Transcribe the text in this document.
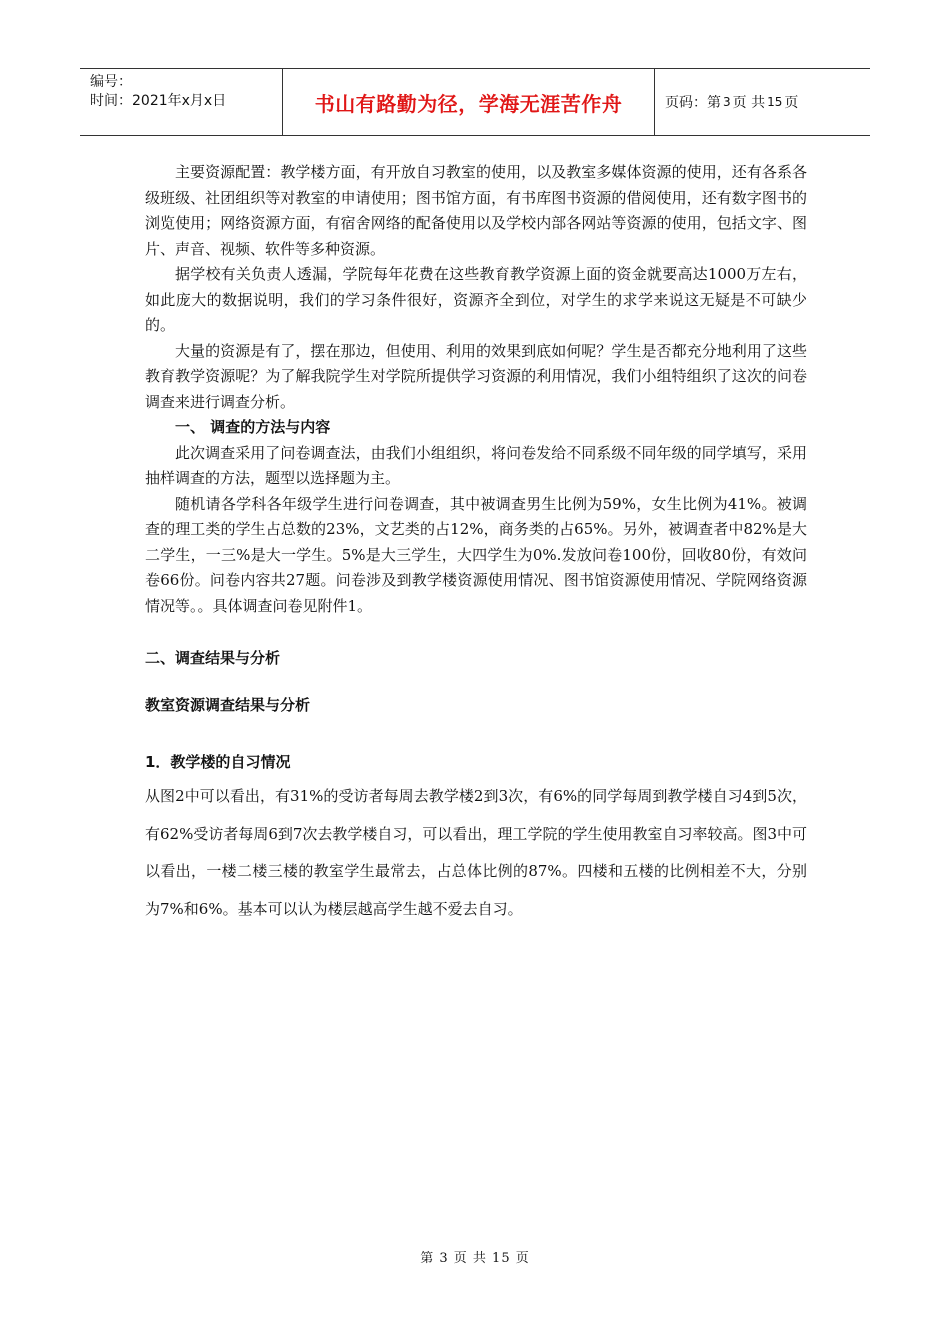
编号：
时间：2021年x月x日	书山有路勤为径，学海无涯苦作舟	页码：第 3 页 共 15 页

主要资源配置：教学楼方面，有开放自习教室的使用，以及教室多媒体资源的使用，还有各系各级班级、社团组织等对教室的申请使用；图书馆方面，有书库图书资源的借阅使用，还有数字图书的浏览使用；网络资源方面，有宿舍网络的配备使用以及学校内部各网站等资源的使用，包括文字、图片、声音、视频、软件等多种资源。

据学校有关负责人透漏，学院每年花费在这些教育教学资源上面的资金就要高达1000万左右，如此庞大的数据说明，我们的学习条件很好，资源齐全到位，对学生的求学来说这无疑是不可缺少的。

大量的资源是有了，摆在那边，但使用、利用的效果到底如何呢？学生是否都充分地利用了这些教育教学资源呢？为了解我院学生对学院所提供学习资源的利用情况，我们小组特组织了这次的问卷调查来进行调查分析。

一、 调查的方法与内容

此次调查采用了问卷调查法，由我们小组组织，将问卷发给不同系级不同年级的同学填写，采用抽样调查的方法，题型以选择题为主。

随机请各学科各年级学生进行问卷调查，其中被调查男生比例为59%，女生比例为41%。被调查的理工类的学生占总数的23%，文艺类的占12%，商务类的占65%。另外，被调查者中82%是大二学生，一三%是大一学生。5%是大三学生，大四学生为0%.发放问卷100份，回收80份，有效问卷66份。问卷内容共27题。问卷涉及到教学楼资源使用情况、图书馆资源使用情况、学院网络资源情况等。。具体调查问卷见附件1。

二、调查结果与分析

教室资源调查结果与分析

1．教学楼的自习情况

从图2中可以看出，有31%的受访者每周去教学楼2到3次，有6%的同学每周到教学楼自习4到5次，有62%受访者每周6到7次去教学楼自习，可以看出，理工学院的学生使用教室自习率较高。图3中可以看出，一楼二楼三楼的教室学生最常去，占总体比例的87%。四楼和五楼的比例相差不大，分别为7%和6%。基本可以认为楼层越高学生越不爱去自习。

第 3 页 共 15 页
